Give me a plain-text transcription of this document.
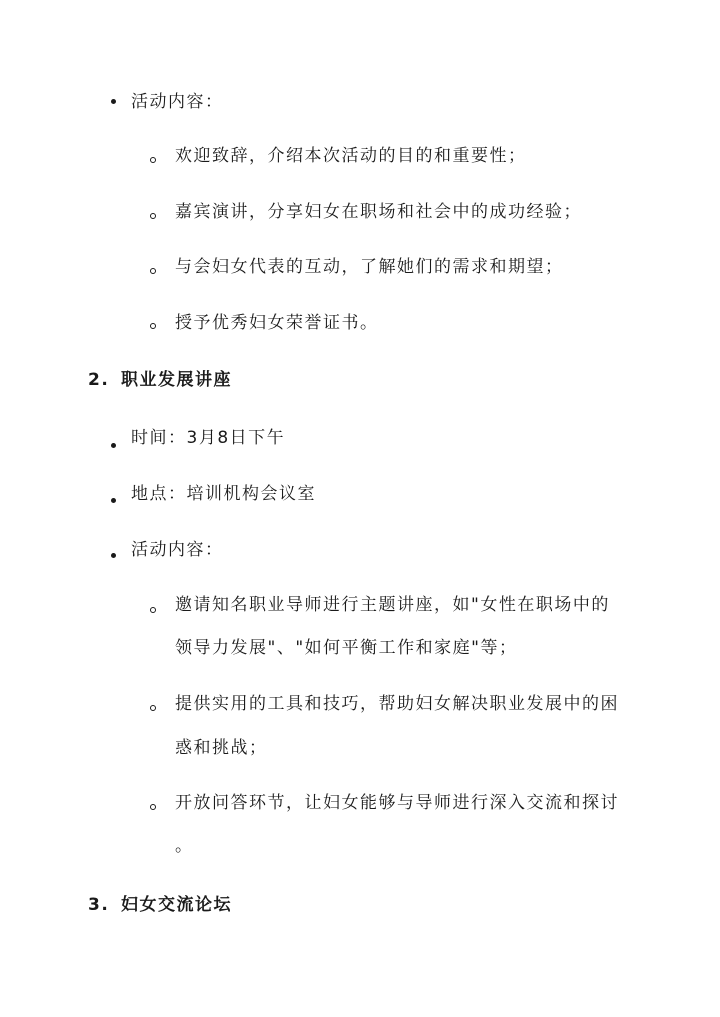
活动内容：
欢迎致辞，介绍本次活动的目的和重要性；
嘉宾演讲，分享妇女在职场和社会中的成功经验；
与会妇女代表的互动，了解她们的需求和期望；
授予优秀妇女荣誉证书。
2. 职业发展讲座
时间：3月8日下午
地点：培训机构会议室
活动内容：
邀请知名职业导师进行主题讲座，如"女性在职场中的
领导力发展"、"如何平衡工作和家庭"等；
提供实用的工具和技巧，帮助妇女解决职业发展中的困
惑和挑战；
开放问答环节，让妇女能够与导师进行深入交流和探讨
。
3. 妇女交流论坛
